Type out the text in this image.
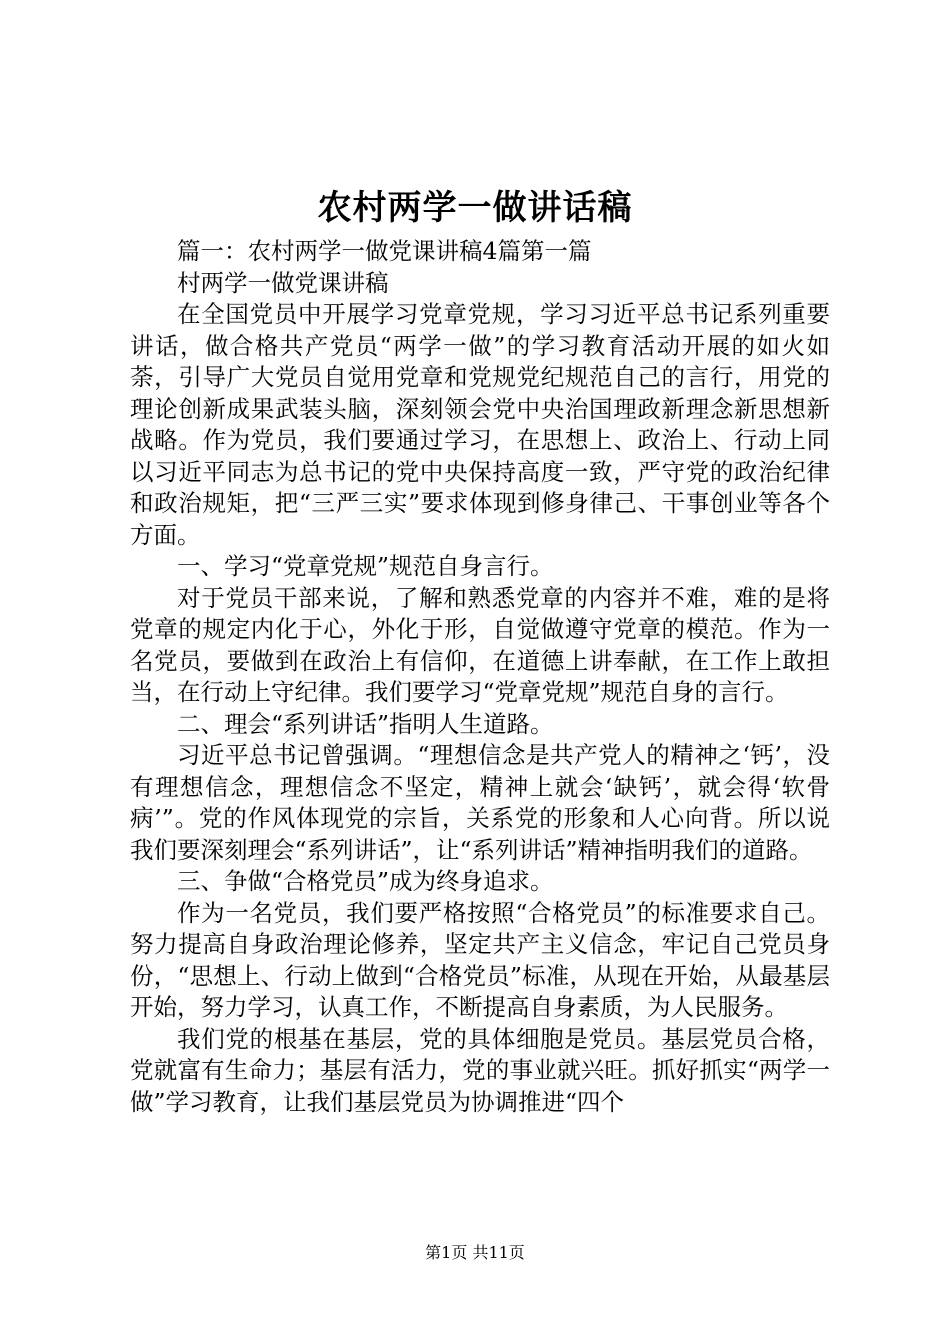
农村两学一做讲话稿

篇一：农村两学一做党课讲稿4篇第一篇

村两学一做党课讲稿

在全国党员中开展学习党章党规，学习习近平总书记系列重要讲话，做合格共产党员“两学一做”的学习教育活动开展的如火如荼，引导广大党员自觉用党章和党规党纪规范自己的言行，用党的理论创新成果武装头脑，深刻领会党中央治国理政新理念新思想新战略。作为党员，我们要通过学习，在思想上、政治上、行动上同以习近平同志为总书记的党中央保持高度一致，严守党的政治纪律和政治规矩，把“三严三实”要求体现到修身律己、干事创业等各个方面。

一、学习“党章党规”规范自身言行。

对于党员干部来说，了解和熟悉党章的内容并不难，难的是将党章的规定内化于心，外化于形，自觉做遵守党章的模范。作为一名党员，要做到在政治上有信仰，在道德上讲奉献，在工作上敢担当，在行动上守纪律。我们要学习“党章党规”规范自身的言行。

二、理会“系列讲话”指明人生道路。

习近平总书记曾强调。“理想信念是共产党人的精神之‘钙’，没有理想信念，理想信念不坚定，精神上就会‘缺钙’，就会得‘软骨病’”。党的作风体现党的宗旨，关系党的形象和人心向背。所以说我们要深刻理会“系列讲话”，让“系列讲话”精神指明我们的道路。

三、争做“合格党员”成为终身追求。

作为一名党员，我们要严格按照“合格党员”的标准要求自己。努力提高自身政治理论修养，坚定共产主义信念，牢记自己党员身份，“思想上、行动上做到“合格党员”标准，从现在开始，从最基层开始，努力学习，认真工作，不断提高自身素质，为人民服务。

我们党的根基在基层，党的具体细胞是党员。基层党员合格，党就富有生命力；基层有活力，党的事业就兴旺。抓好抓实“两学一做”学习教育，让我们基层党员为协调推进“四个

第1页 共11页
